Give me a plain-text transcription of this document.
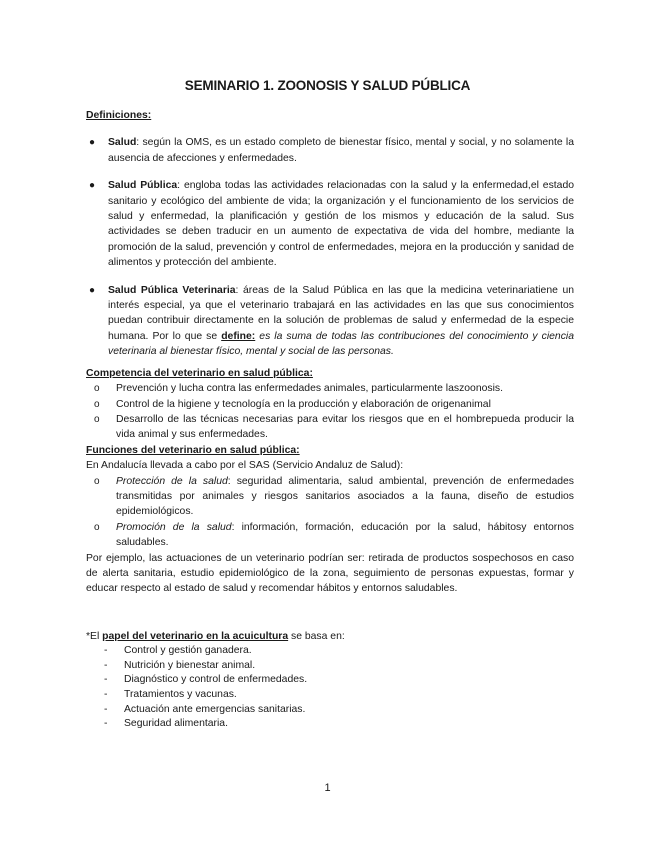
SEMINARIO 1. ZOONOSIS Y SALUD PÚBLICA

Definiciones:

● Salud: según la OMS, es un estado completo de bienestar físico, mental y social, y no solamente la ausencia de afecciones y enfermedades.
● Salud Pública: engloba todas las actividades relacionadas con la salud y la enfermedad,el estado sanitario y ecológico del ambiente de vida; la organización y el funcionamiento de los servicios de salud y enfermedad, la planificación y gestión de los mismos y educación de la salud. Sus actividades se deben traducir en un aumento de expectativa de vida del hombre, mediante la promoción de la salud, prevención y control de enfermedades, mejora en la producción y sanidad de alimentos y protección del ambiente.
● Salud Pública Veterinaria: áreas de la Salud Pública en las que la medicina veterinariatiene un interés especial, ya que el veterinario trabajará en las actividades en las que sus conocimientos puedan contribuir directamente en la solución de problemas de salud y enfermedad de la especie humana. Por lo que se define: es la suma de todas las contribuciones del conocimiento y ciencia veterinaria al bienestar físico, mental y social de las personas.

Competencia del veterinario en salud pública:

o Prevención y lucha contra las enfermedades animales, particularmente laszoonosis.
o Control de la higiene y tecnología en la producción y elaboración de origenanimal
o Desarrollo de las técnicas necesarias para evitar los riesgos que en el hombrepueda producir la vida animal y sus enfermedades.

Funciones del veterinario en salud pública:

En Andalucía llevada a cabo por el SAS (Servicio Andaluz de Salud):

o Protección de la salud: seguridad alimentaria, salud ambiental, prevención de enfermedades transmitidas por animales y riesgos sanitarios asociados a la fauna, diseño de estudios epidemiológicos.
o Promoción de la salud: información, formación, educación por la salud, hábitosy entornos saludables.

Por ejemplo, las actuaciones de un veterinario podrían ser: retirada de productos sospechosos en caso de alerta sanitaria, estudio epidemiológico de la zona, seguimiento de personas expuestas, formar y educar respecto al estado de salud y recomendar hábitos y entornos saludables.

*El papel del veterinario en la acuicultura se basa en:

- Control y gestión ganadera.
- Nutrición y bienestar animal.
- Diagnóstico y control de enfermedades.
- Tratamientos y vacunas.
- Actuación ante emergencias sanitarias.
- Seguridad alimentaria.
1
